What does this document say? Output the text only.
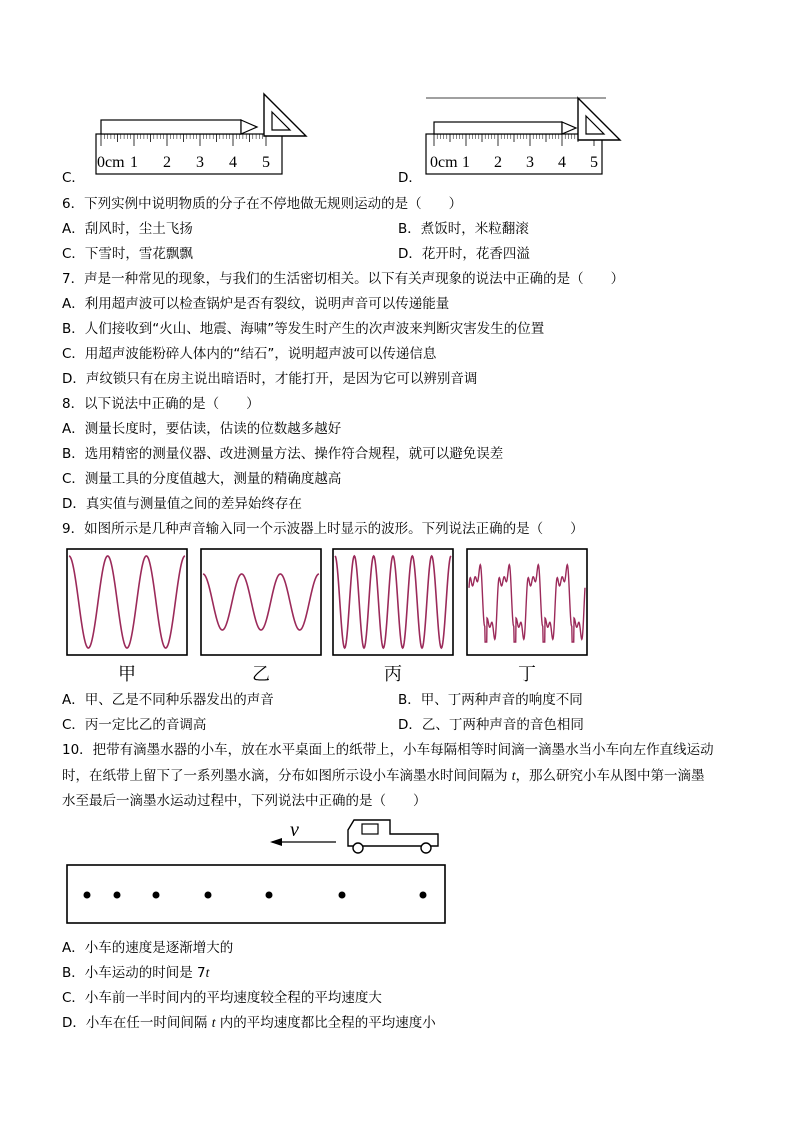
0cm 1 2 3 4 5	0cm 1 2 3 4 5
C．	D．
6．下列实例中说明物质的分子在不停地做无规则运动的是（　　）
A．刮风时，尘土飞扬	B．煮饭时，米粒翻滚
C．下雪时，雪花飘飘	D．花开时，花香四溢
7．声是一种常见的现象，与我们的生活密切相关。以下有关声现象的说法中正确的是（　　）
A．利用超声波可以检查锅炉是否有裂纹，说明声音可以传递能量
B．人们接收到“火山、地震、海啸”等发生时产生的次声波来判断灾害发生的位置
C．用超声波能粉碎人体内的“结石”，说明超声波可以传递信息
D．声纹锁只有在房主说出暗语时，才能打开，是因为它可以辨别音调
8．以下说法中正确的是（　　）
A．测量长度时，要估读，估读的位数越多越好
B．选用精密的测量仪器、改进测量方法、操作符合规程，就可以避免误差
C．测量工具的分度值越大，测量的精确度越高
D．真实值与测量值之间的差异始终存在
9．如图所示是几种声音输入同一个示波器上时显示的波形。下列说法正确的是（　　）
甲	乙	丙	丁
A．甲、乙是不同种乐器发出的声音	B．甲、丁两种声音的响度不同
C．丙一定比乙的音调高	D．乙、丁两种声音的音色相同
10．把带有滴墨水器的小车，放在水平桌面上的纸带上，小车每隔相等时间滴一滴墨水当小车向左作直线运动
时，在纸带上留下了一系列墨水滴，分布如图所示设小车滴墨水时间间隔为 t，那么研究小车从图中第一滴墨
水至最后一滴墨水运动过程中，下列说法中正确的是（　　）
v
A．小车的速度是逐渐增大的
B．小车运动的时间是 7t
C．小车前一半时间内的平均速度较全程的平均速度大
D．小车在任一时间间隔 t 内的平均速度都比全程的平均速度小
